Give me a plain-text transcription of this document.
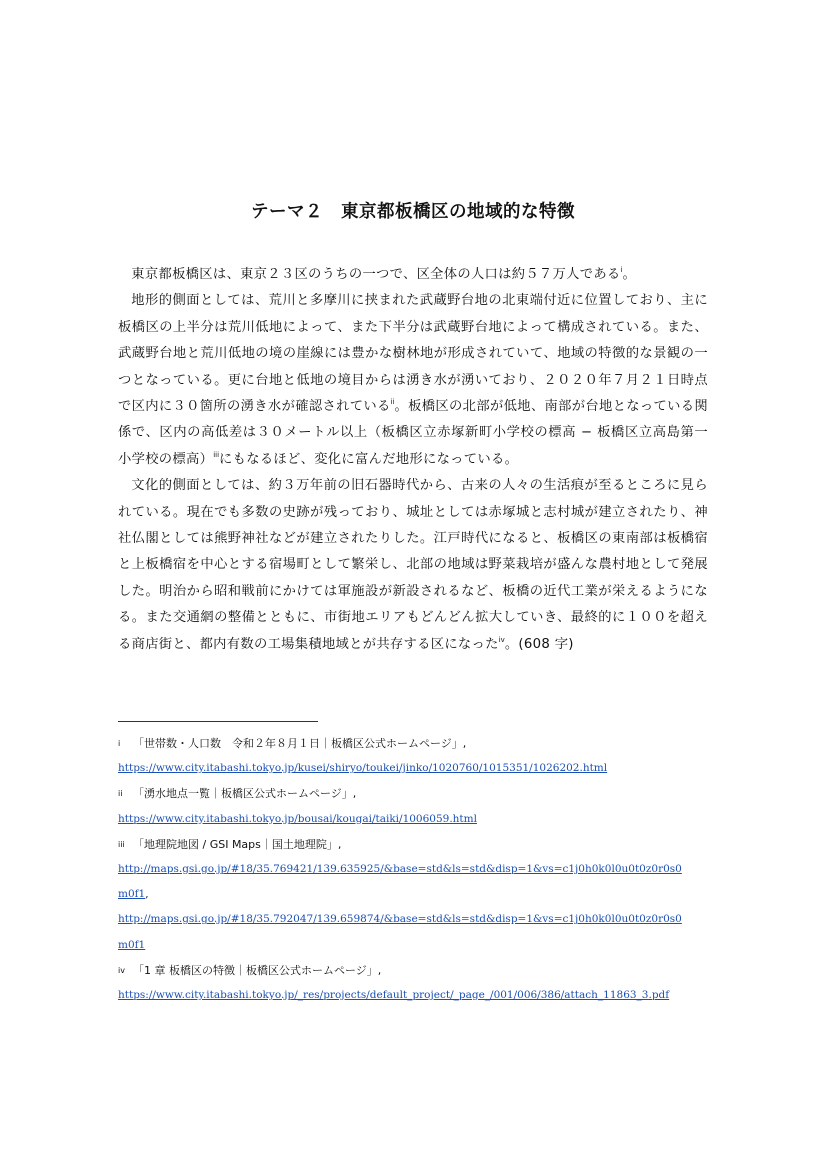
テーマ２　東京都板橋区の地域的な特徴

東京都板橋区は、東京２３区のうちの一つで、区全体の人口は約５７万人である$^i$。

地形的側面としては、荒川と多摩川に挟まれた武蔵野台地の北東端付近に位置しており、主に板橋区の上半分は荒川低地によって、また下半分は武蔵野台地によって構成されている。また、武蔵野台地と荒川低地の境の崖線には豊かな樹林地が形成されていて、地域の特徴的な景観の一つとなっている。更に台地と低地の境目からは湧き水が湧いており、２０２０年７月２１日時点で区内に３０箇所の湧き水が確認されている$^{ii}$。板橋区の北部が低地、南部が台地となっている関係で、区内の高低差は３０メートル以上（板橋区立赤塚新町小学校の標高 − 板橋区立高島第一小学校の標高）$^{iii}$にもなるほど、変化に富んだ地形になっている。

文化的側面としては、約３万年前の旧石器時代から、古来の人々の生活痕が至るところに見られている。現在でも多数の史跡が残っており、城址としては赤塚城と志村城が建立されたり、神社仏閣としては熊野神社などが建立されたりした。江戸時代になると、板橋区の東南部は板橋宿と上板橋宿を中心とする宿場町として繁栄し、北部の地域は野菜栽培が盛んな農村地として発展した。明治から昭和戦前にかけては軍施設が新設されるなど、板橋の近代工業が栄えるようになる。また交通網の整備とともに、市街地エリアもどんどん拡大していき、最終的に１００を超える商店街と、都内有数の工場集積地域とが共存する区になった$^{iv}$。(608 字)

i 「世帯数・人口数　令和２年８月１日｜板橋区公式ホームページ」,
https://www.city.itabashi.tokyo.jp/kusei/shiryo/toukei/jinko/1020760/1015351/1026202.html
ii 「湧水地点一覧｜板橋区公式ホームページ」,
https://www.city.itabashi.tokyo.jp/bousai/kougai/taiki/1006059.html
iii 「地理院地図 / GSI Maps｜国土地理院」,
http://maps.gsi.go.jp/#18/35.769421/139.635925/&base=std&ls=std&disp=1&vs=c1j0h0k0l0u0t0z0r0s0
m0f1,
http://maps.gsi.go.jp/#18/35.792047/139.659874/&base=std&ls=std&disp=1&vs=c1j0h0k0l0u0t0z0r0s0
m0f1
iv 「1 章 板橋区の特徴｜板橋区公式ホームページ」,
https://www.city.itabashi.tokyo.jp/_res/projects/default_project/_page_/001/006/386/attach_11863_3.pdf
